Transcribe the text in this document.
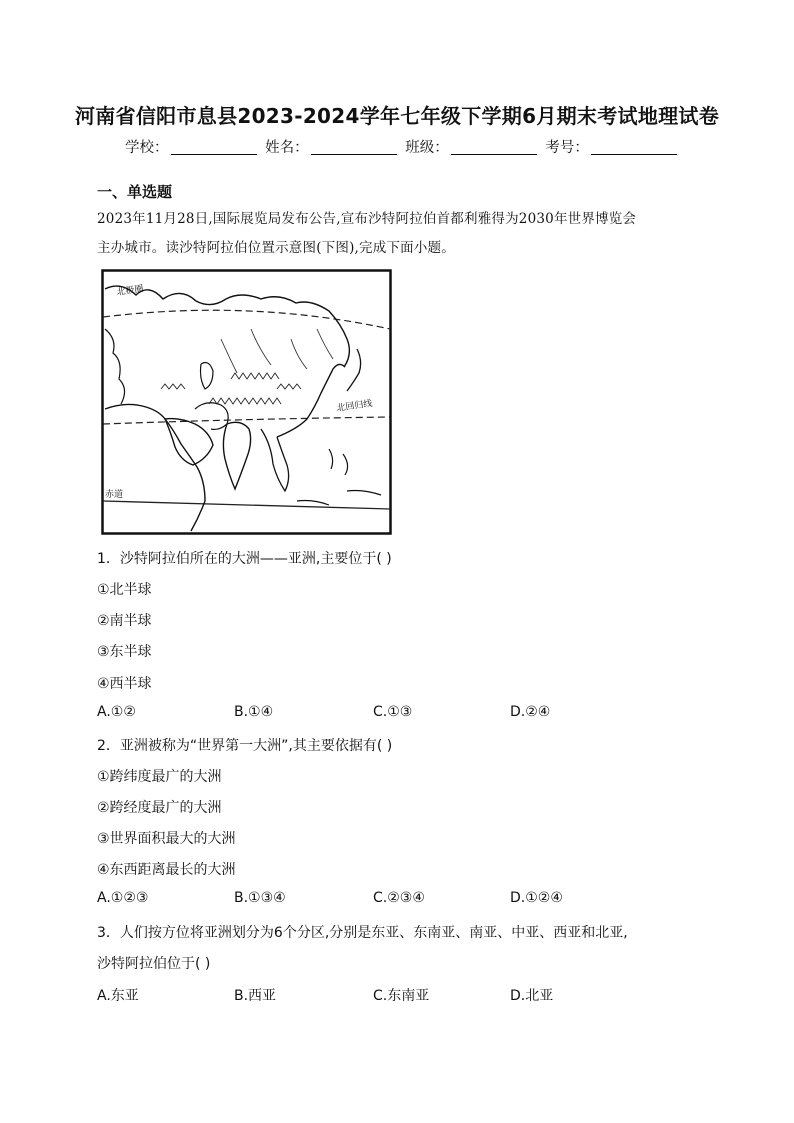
河南省信阳市息县2023-2024学年七年级下学期6月期末考试地理试卷
学校：	姓名：	班级：	考号：
一、单选题
2023年11月28日,国际展览局发布公告,宣布沙特阿拉伯首都利雅得为2030年世界博览会
主办城市。读沙特阿拉伯位置示意图(下图),完成下面小题。
北极圈
北回归线
赤道
1．沙特阿拉伯所在的大洲——亚洲,主要位于( )
①北半球
②南半球
③东半球
④西半球
A.①②	B.①④	C.①③	D.②④
2．亚洲被称为“世界第一大洲”,其主要依据有( )
①跨纬度最广的大洲
②跨经度最广的大洲
③世界面积最大的大洲
④东西距离最长的大洲
A.①②③	B.①③④	C.②③④	D.①②④
3．人们按方位将亚洲划分为6个分区,分别是东亚、东南亚、南亚、中亚、西亚和北亚,
沙特阿拉伯位于( )
A.东亚	B.西亚	C.东南亚	D.北亚
